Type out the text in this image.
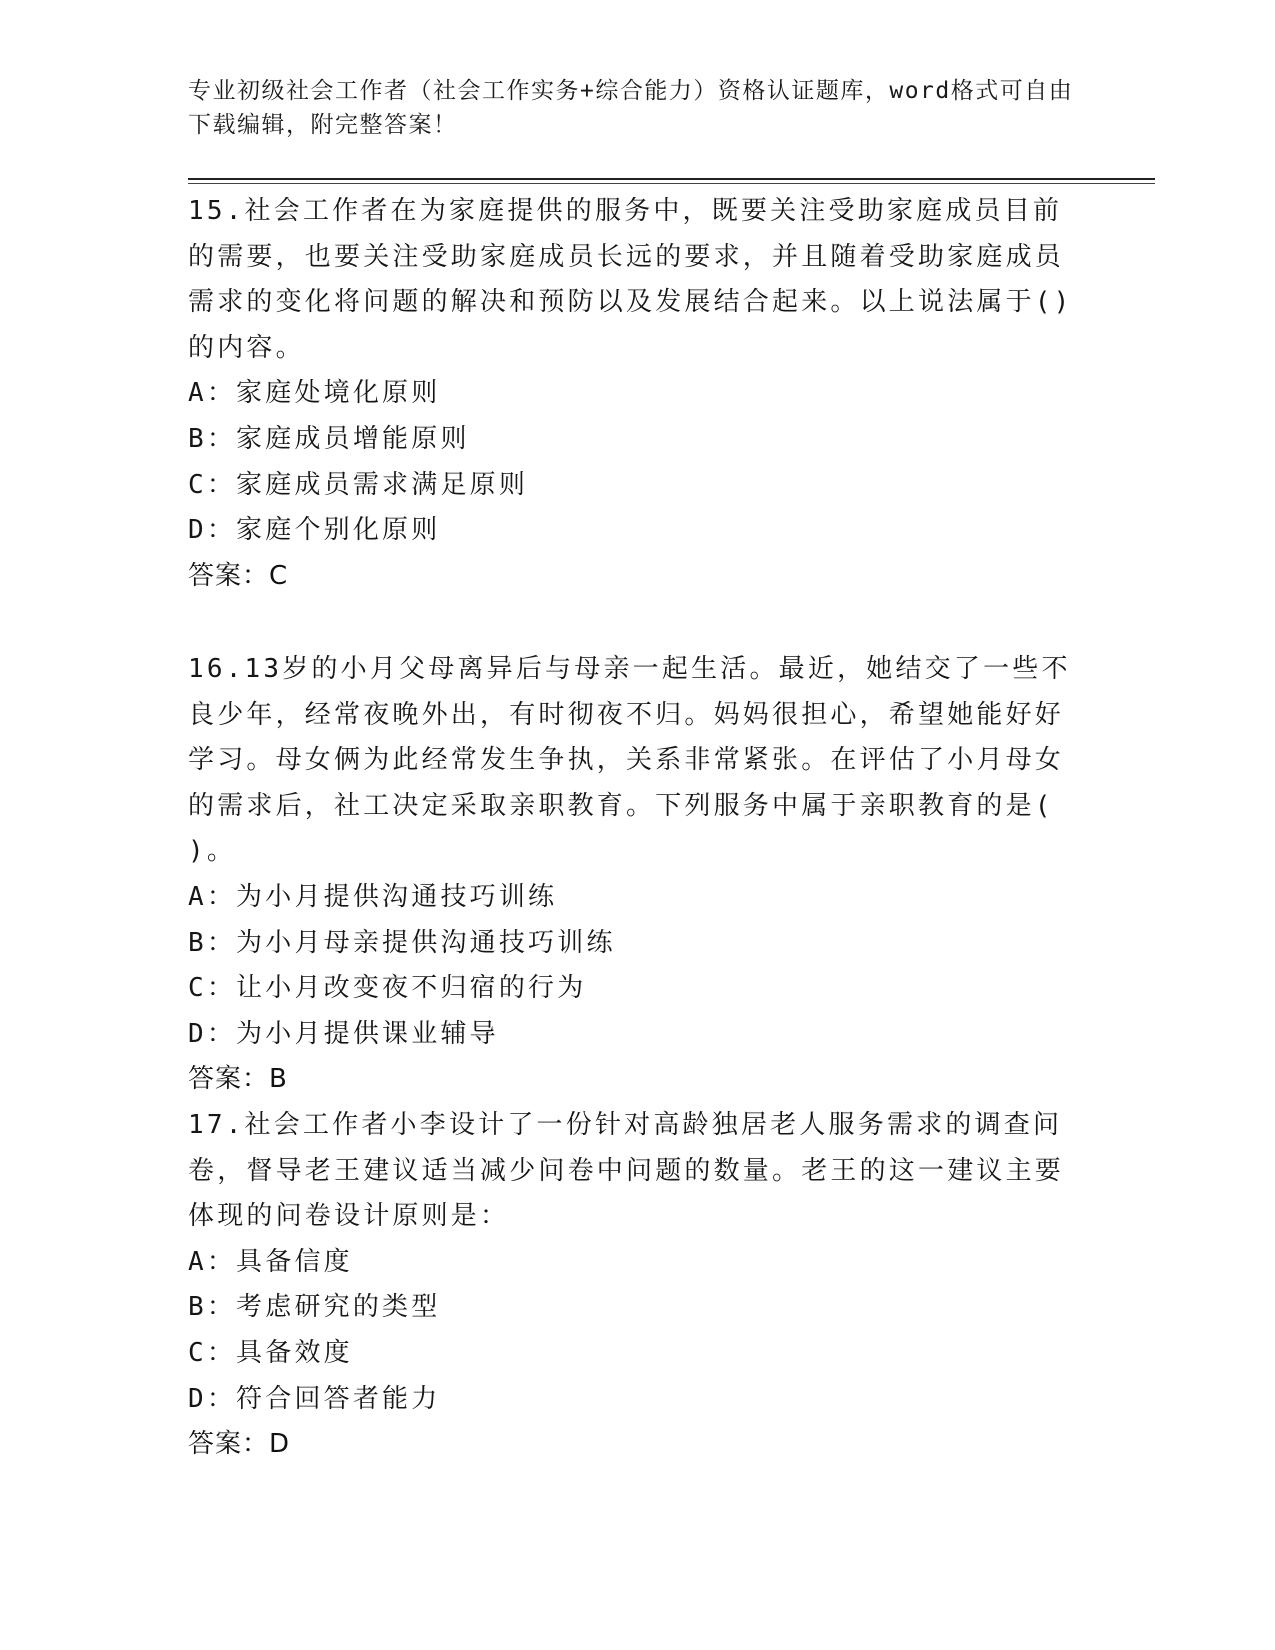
专业初级社会工作者（社会工作实务+综合能力）资格认证题库，word格式可自由下载编辑，附完整答案！

15.社会工作者在为家庭提供的服务中，既要关注受助家庭成员目前的需要，也要关注受助家庭成员长远的要求，并且随着受助家庭成员需求的变化将问题的解决和预防以及发展结合起来。以上说法属于()的内容。

A：家庭处境化原则
B：家庭成员增能原则
C：家庭成员需求满足原则
D：家庭个别化原则

答案：C

16.13岁的小月父母离异后与母亲一起生活。最近，她结交了一些不良少年，经常夜晚外出，有时彻夜不归。妈妈很担心，希望她能好好学习。母女俩为此经常发生争执，关系非常紧张。在评估了小月母女的需求后，社工决定采取亲职教育。下列服务中属于亲职教育的是( )。

A：为小月提供沟通技巧训练
B：为小月母亲提供沟通技巧训练
C：让小月改变夜不归宿的行为
D：为小月提供课业辅导

答案：B

17.社会工作者小李设计了一份针对高龄独居老人服务需求的调查问卷，督导老王建议适当减少问卷中问题的数量。老王的这一建议主要体现的问卷设计原则是：

A：具备信度
B：考虑研究的类型
C：具备效度
D：符合回答者能力

答案：D
